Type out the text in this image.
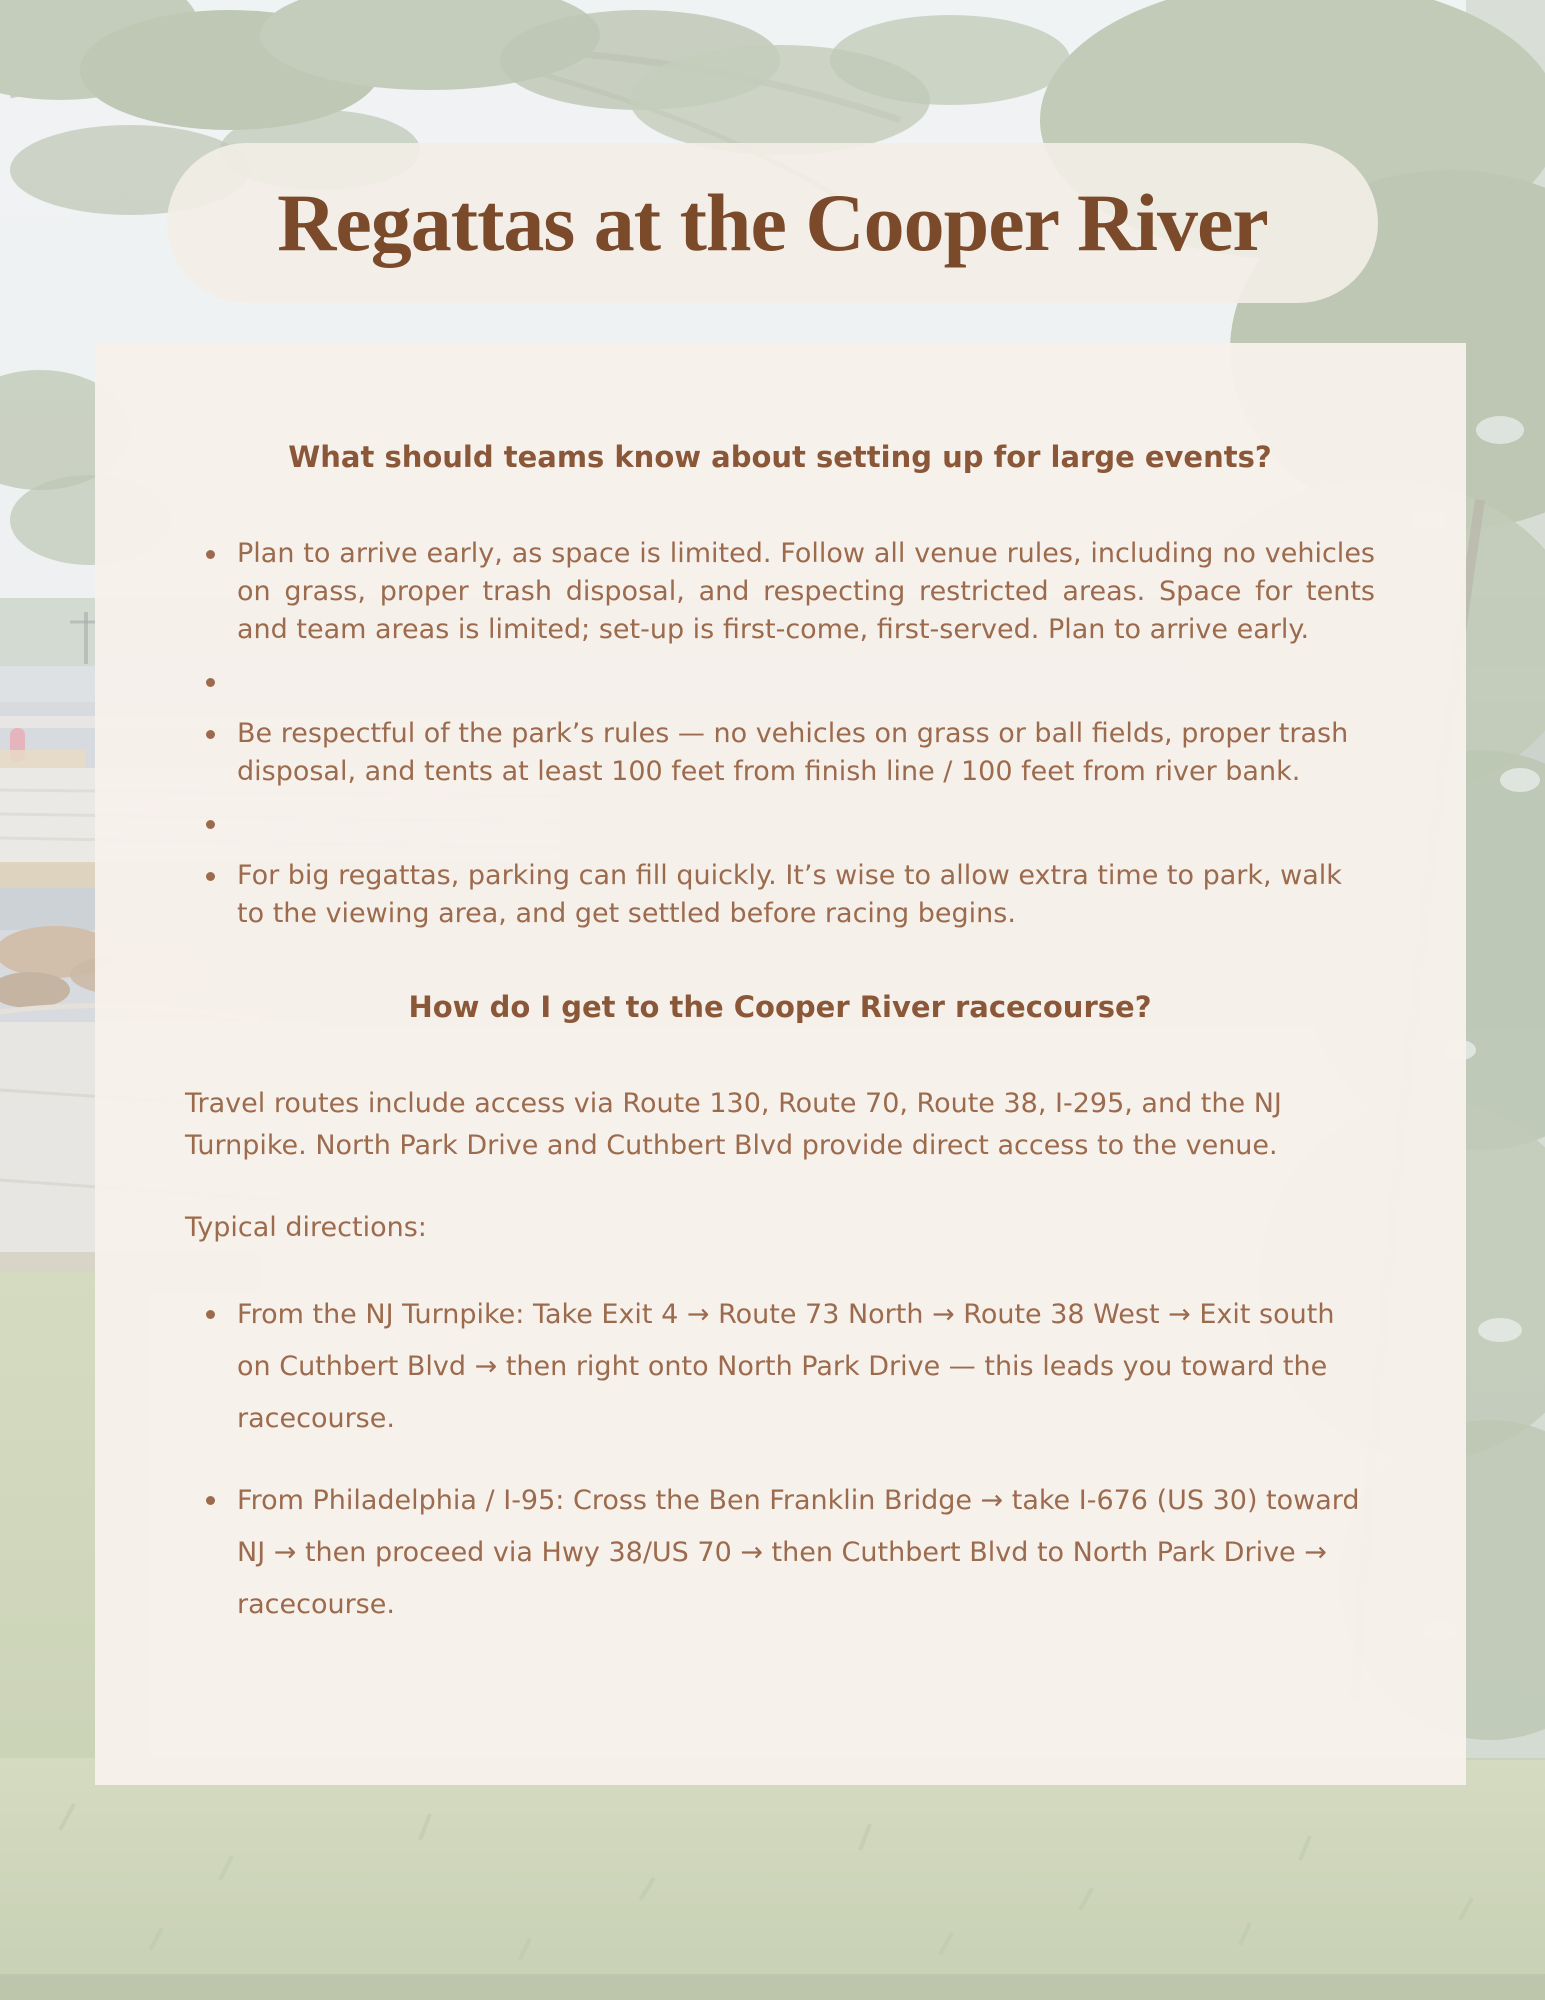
Regattas at the Cooper River
What should teams know about setting up for large events?
Plan to arrive early, as space is limited. Follow all venue rules, including no vehicles on grass, proper trash disposal, and respecting restricted areas. Space for tents and team areas is limited; set-up is first-come, first-served. Plan to arrive early.
Be respectful of the park’s rules — no vehicles on grass or ball fields, proper trash disposal, and tents at least 100 feet from finish line / 100 feet from river bank.
For big regattas, parking can fill quickly. It’s wise to allow extra time to park, walk to the viewing area, and get settled before racing begins.
How do I get to the Cooper River racecourse?

Travel routes include access via Route 130, Route 70, Route 38, I-295, and the NJ Turnpike. North Park Drive and Cuthbert Blvd provide direct access to the venue.

Typical directions:

From the NJ Turnpike: Take Exit 4 → Route 73 North → Route 38 West → Exit south on Cuthbert Blvd → then right onto North Park Drive — this leads you toward the racecourse.
From Philadelphia / I-95: Cross the Ben Franklin Bridge → take I-676 (US 30) toward NJ → then proceed via Hwy 38/US 70 → then Cuthbert Blvd to North Park Drive → racecourse.
